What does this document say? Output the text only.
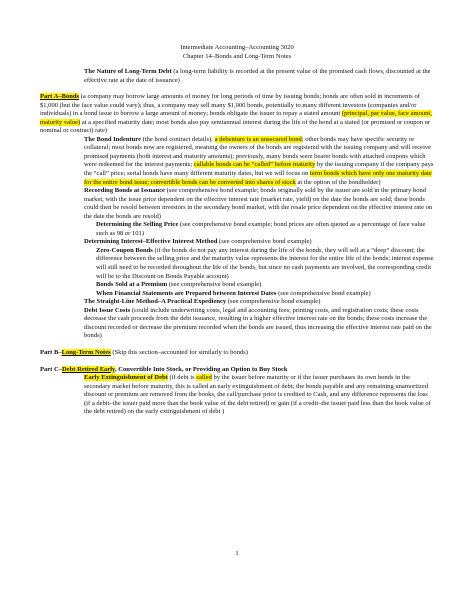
Intermediate Accounting–Accounting 3020
Chapter 14–Bonds and Long-Term Notes

The Nature of Long-Term Debt (a long-term liability is recorded at the present value of the promised cash flows, discounted at the effective rate at the date of issuance)

Part A–Bonds (a company may borrow large amounts of money for long periods of time by issuing bonds; bonds are often sold in increments of $1,000 (but the face value could vary); thus, a company may sell many $1,000 bonds, potentially to many different investors (companies and/or individuals) in a bond issue to borrow a large amount of money; bonds obligate the issuer to repay a stated amount (principal, par value, face amount, maturity value) at a specified maturity date; most bonds also pay semiannual interest during the life of the bond at a stated (or promised or coupon or nominal or contract) rate)

The Bond Indenture (the bond contract details); a debenture is an unsecured bond; other bonds may have specific security or collateral; most bonds now are registered, meaning the owners of the bonds are registered with the issuing company and will receive promised payments (both interest and maturity amounts); previously, many bonds were bearer bonds with attached coupons which were redeemed for the interest payments; callable bonds can be “called” before maturity by the issuing company if the company pays the “call” price; serial bonds have many different maturity dates, but we will focus on term bonds which have only one maturity date for the entire bond issue; convertible bonds can be converted into shares of stock at the option of the bondholder)

Recording Bonds at Issuance (see comprehensive bond example; bonds originally sold by the issuer are sold in the primary bond market, with the issue price dependent on the effective interest rate (market rate, yield) on the date the bonds are sold; these bonds could then be resold between investors in the secondary bond market, with the resale price dependent on the effective interest rate on the date the bonds are resold)

Determining the Selling Price (see comprehensive bond example; bond prices are often quoted as a percentage of face value such as 98 or 101)

Determining Interest–Effective Interest Method (see comprehensive bond example)

Zero-Coupon Bonds (if the bonds do not pay any interest during the life of the bonds, they will sell at a “deep” discount; the difference between the selling price and the maturity value represents the interest for the entire life of the bonds; interest expense will still need to be recorded throughout the life of the bonds, but since no cash payments are involved, the corresponding credit will be to the Discount on Bonds Payable account)

Bonds Sold at a Premium (see comprehensive bond example)

When Financial Statements are Prepared between Interest Dates (see comprehensive bond example)

The Straight-Line Method–A Practical Expediency (see comprehensive bond example)

Debt Issue Costs (could include underwriting costs, legal and accounting fees, printing costs, and registration costs; these costs decrease the cash proceeds from the debt issuance, resulting in a higher effective interest rate on the bonds; these costs increase the discount recorded or decrease the premium recorded when the bonds are issued, thus increasing the effective interest rate paid on the bonds)

Part B–Long-Term Notes (Skip this section–accounted for similarly to bonds)

Part C–Debt Retired Early, Convertible Into Stock, or Providing an Option to Buy Stock

Early Extinguishment of Debt (if debt is called by the issuer before maturity or if the issuer purchases its own bonds in the secondary market before maturity, this is called an early extinguishment of debt; the bonds payable and any remaining unamortized discount or premium are removed from the books, the call/purchase price is credited to Cash, and any difference represents the loss (if a debit–the issuer paid more than the book value of the debt retired) or gain (if a credit–the issuer paid less than the book value of the debt retired) on the early extinguishment of debt )

1
